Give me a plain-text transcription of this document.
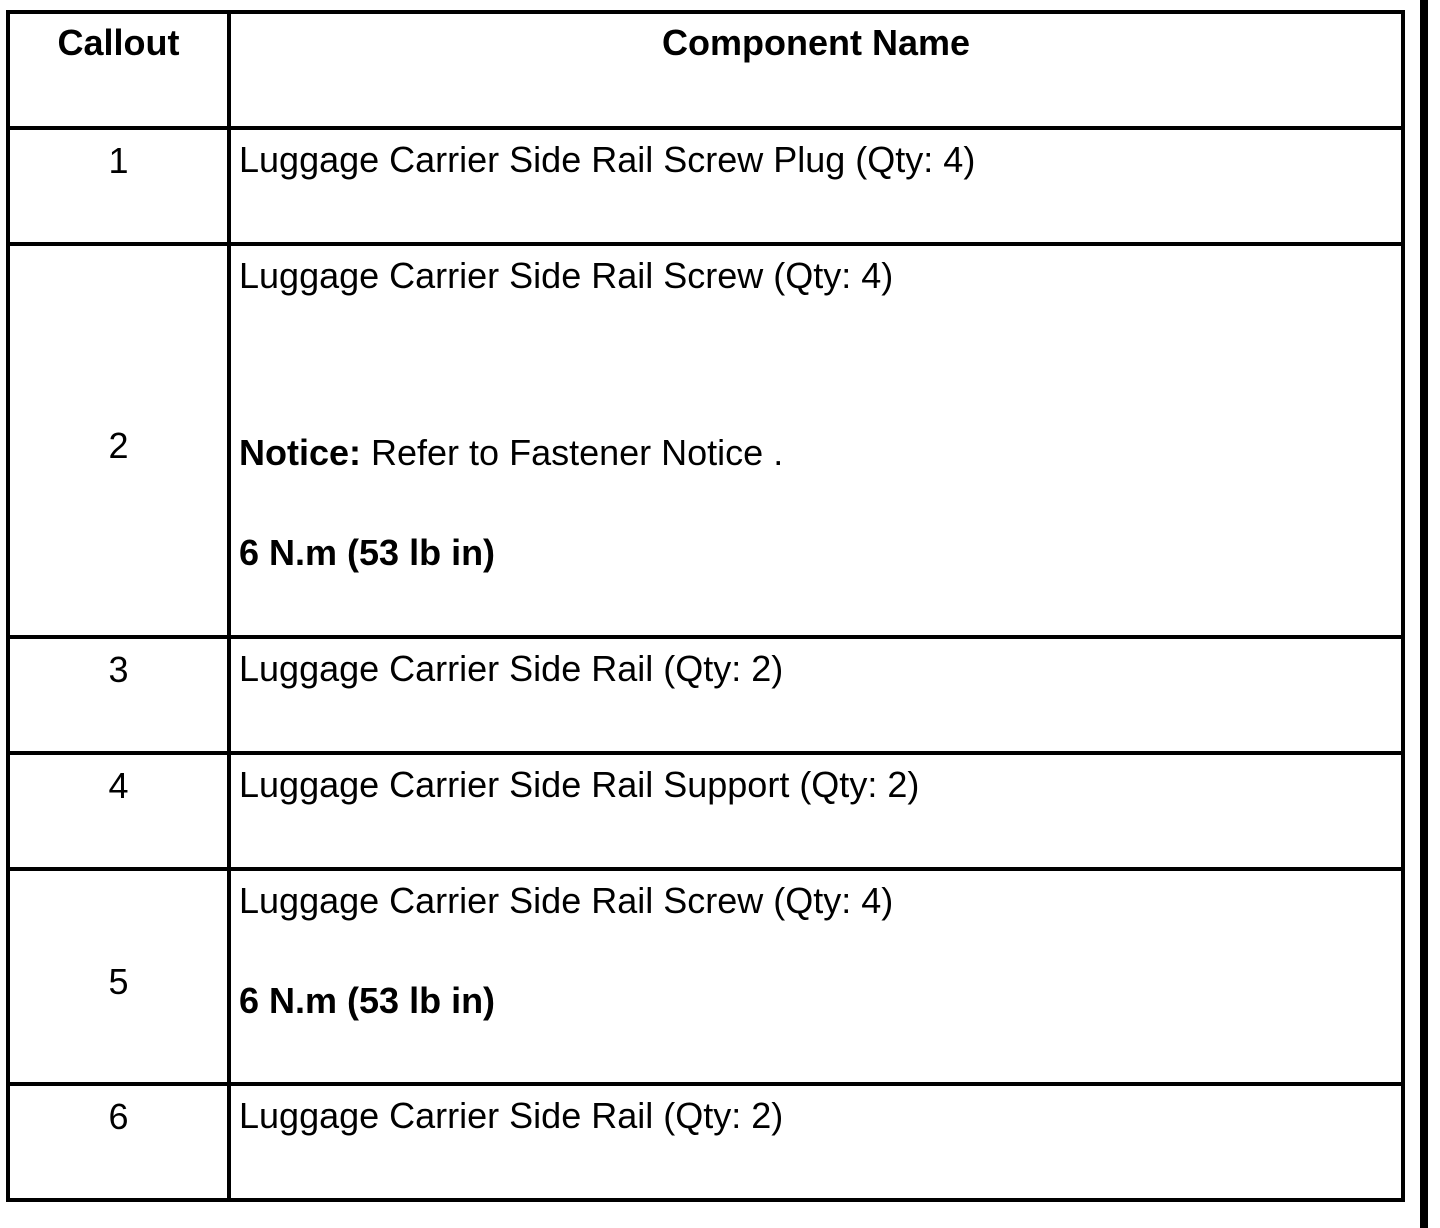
Callout	Component Name
1	Luggage Carrier Side Rail Screw Plug (Qty: 4)

2	Luggage Carrier Side Rail Screw (Qty: 4)
Notice: Refer to Fastener Notice .
6 N.m (53 lb in)

3	Luggage Carrier Side Rail (Qty: 2)

4	Luggage Carrier Side Rail Support (Qty: 2)

5	Luggage Carrier Side Rail Screw (Qty: 4)
6 N.m (53 lb in)

6	Luggage Carrier Side Rail (Qty: 2)
